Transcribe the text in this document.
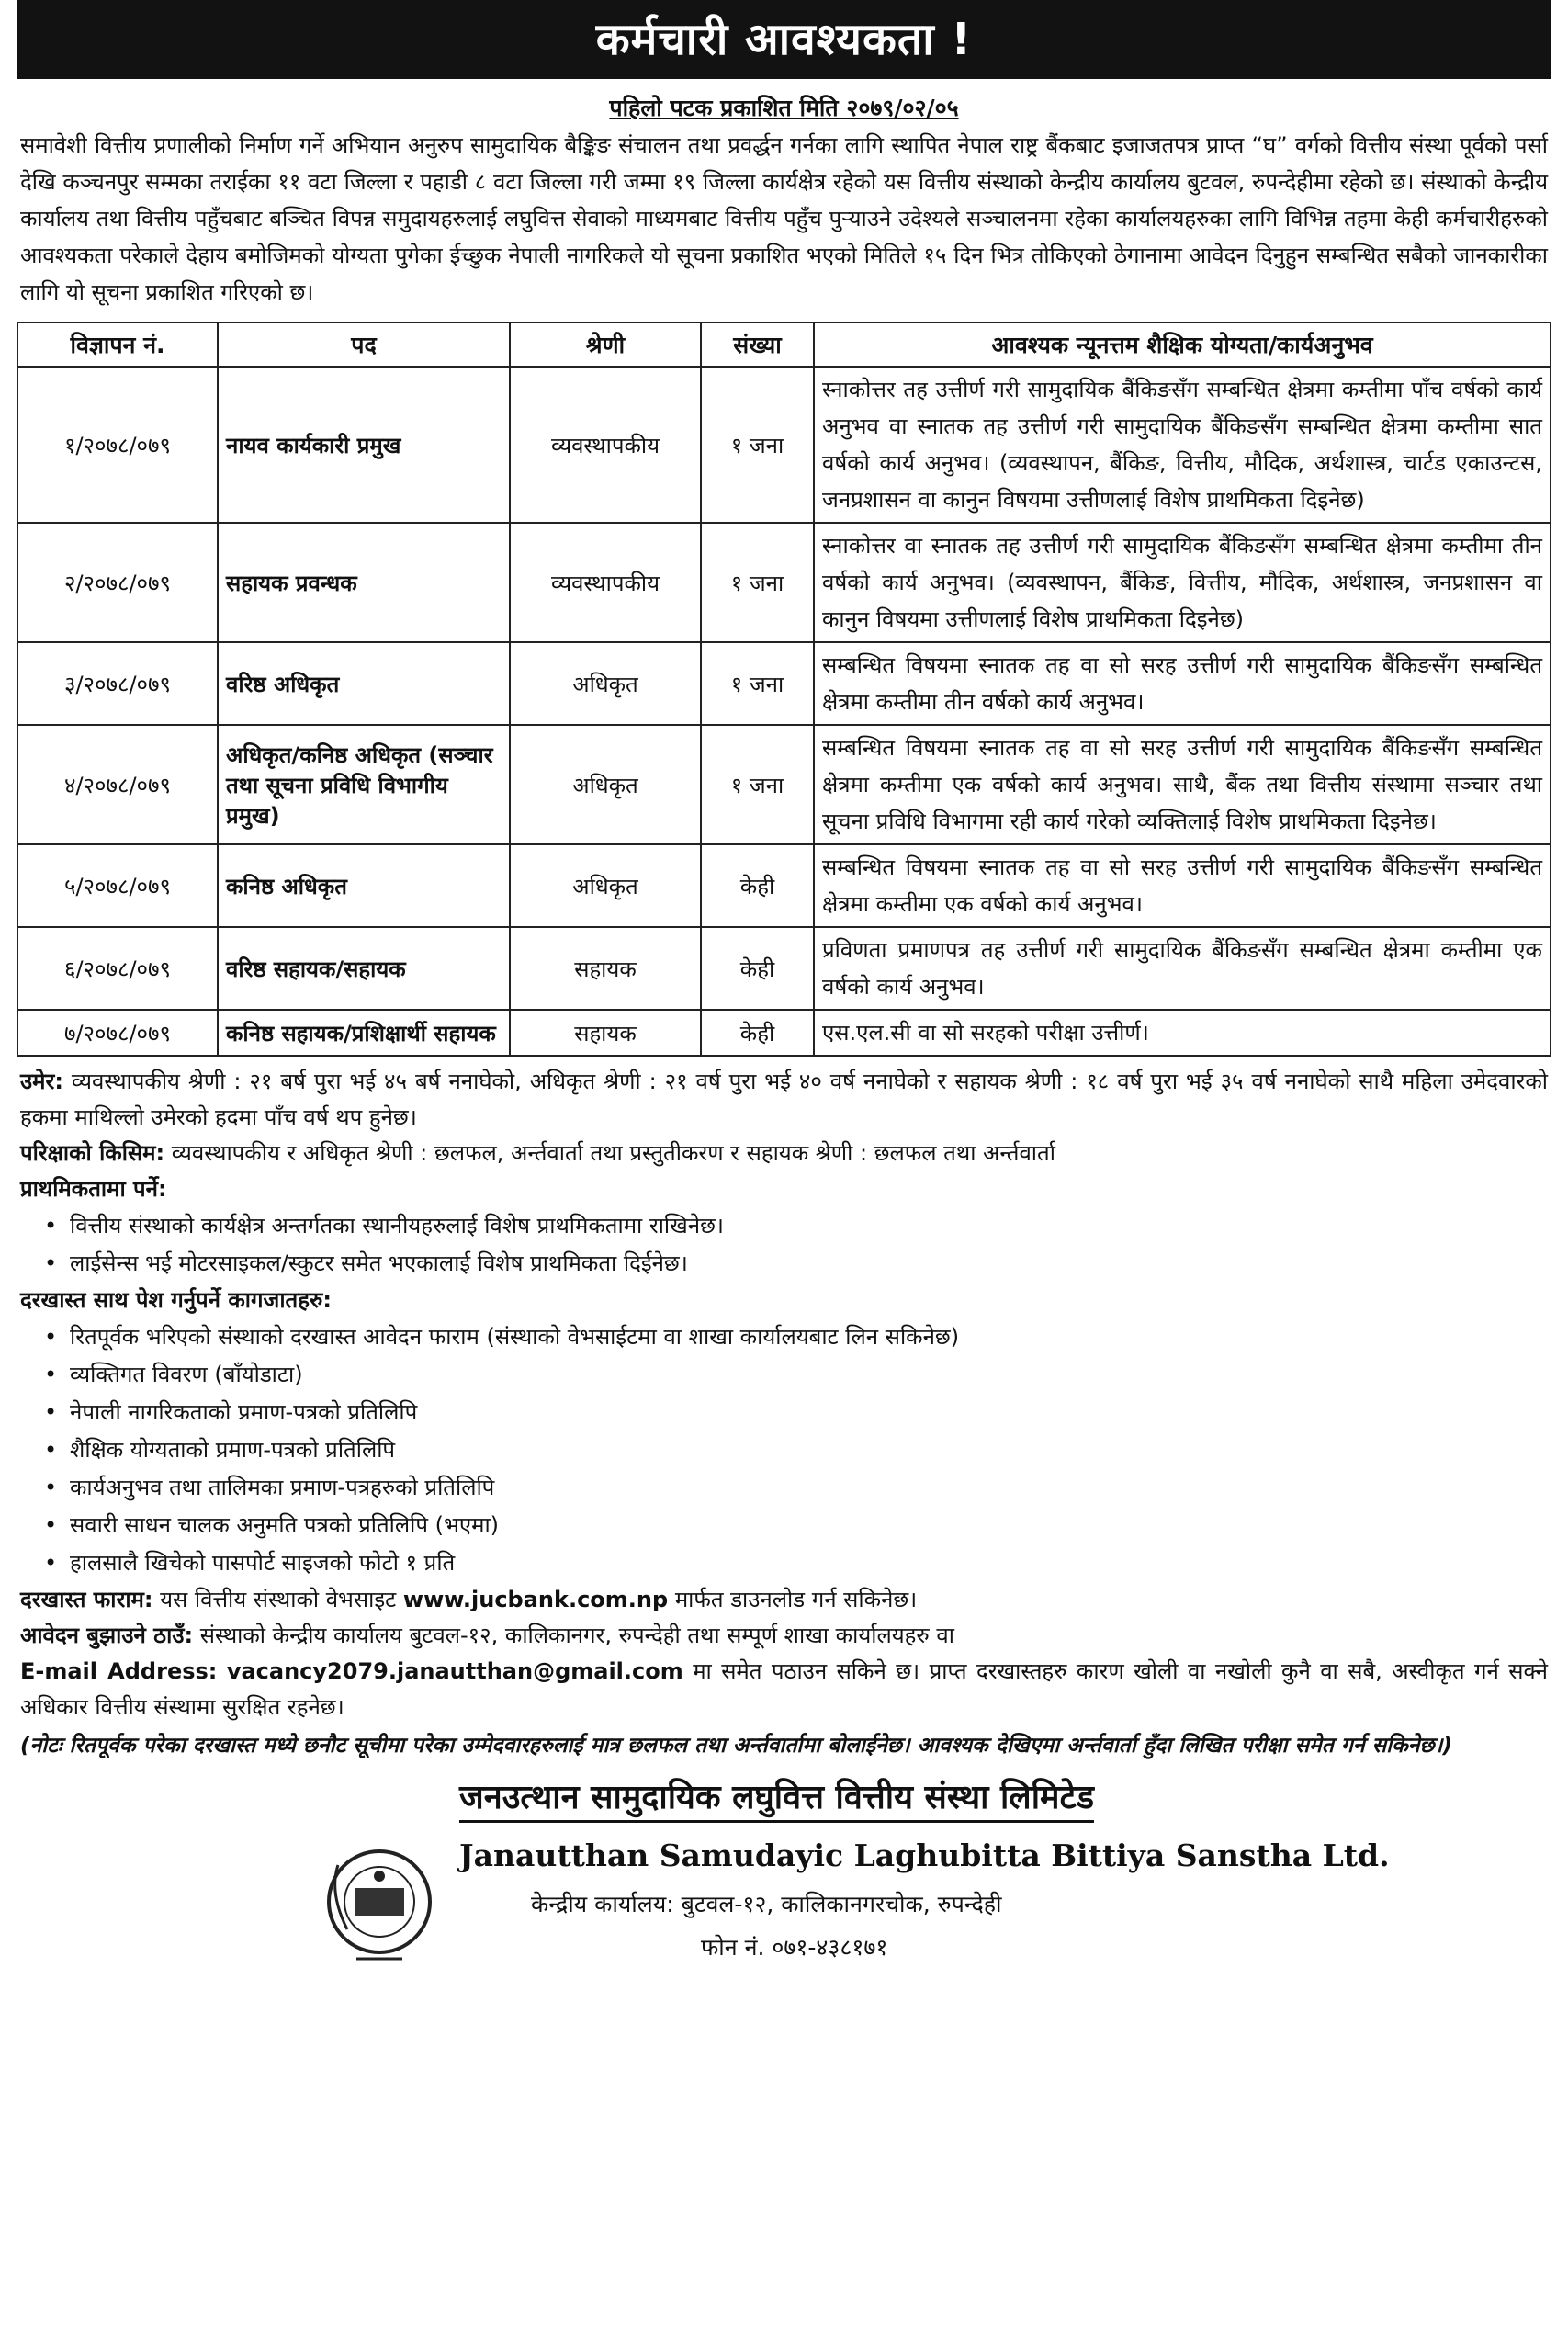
कर्मचारी आवश्यकता !
पहिलो पटक प्रकाशित मिति २०७९/०२/०५
समावेशी वित्तीय प्रणालीको निर्माण गर्ने अभियान अनुरुप सामुदायिक बैङ्किङ संचालन तथा प्रवर्द्धन गर्नका लागि स्थापित नेपाल राष्ट्र बैंकबाट इजाजतपत्र प्राप्त “घ” वर्गको वित्तीय संस्था पूर्वको पर्सा देखि कञ्चनपुर सम्मका तराईका ११ वटा जिल्ला र पहाडी ८ वटा जिल्ला गरी जम्मा १९ जिल्ला कार्यक्षेत्र रहेको यस वित्तीय संस्थाको केन्द्रीय कार्यालय बुटवल, रुपन्देहीमा रहेको छ। संस्थाको केन्द्रीय कार्यालय तथा वित्तीय पहुँचबाट बञ्चित विपन्न समुदायहरुलाई लघुवित्त सेवाको माध्यमबाट वित्तीय पहुँच पुऱ्याउने उदेश्यले सञ्चालनमा रहेका कार्यालयहरुका लागि विभिन्न तहमा केही कर्मचारीहरुको आवश्यकता परेकाले देहाय बमोजिमको योग्यता पुगेका ईच्छुक नेपाली नागरिकले यो सूचना प्रकाशित भएको मितिले १५ दिन भित्र तोकिएको ठेगानामा आवेदन दिनुहुन सम्बन्धित सबैको जानकारीका लागि यो सूचना प्रकाशित गरिएको छ।
विज्ञापन नं.	पद	श्रेणी	संख्या	आवश्यक न्यूनत्तम शैक्षिक योग्यता/कार्यअनुभव
१/२०७८/०७९	नायव कार्यकारी प्रमुख	व्यवस्थापकीय	१ जना	स्नाकोत्तर तह उत्तीर्ण गरी सामुदायिक बैंकिङसँग सम्बन्धित क्षेत्रमा कम्तीमा पाँच वर्षको कार्य अनुभव वा स्नातक तह उत्तीर्ण गरी सामुदायिक बैंकिङसँग सम्बन्धित क्षेत्रमा कम्तीमा सात वर्षको कार्य अनुभव। (व्यवस्थापन, बैंकिङ, वित्तीय, मौदिक, अर्थशास्त्र, चार्टड एकाउन्टस, जनप्रशासन वा कानुन विषयमा उत्तीणलाई विशेष प्राथमिकता दिइनेछ)
२/२०७८/०७९	सहायक प्रवन्धक	व्यवस्थापकीय	१ जना	स्नाकोत्तर वा स्नातक तह उत्तीर्ण गरी सामुदायिक बैंकिङसँग सम्बन्धित क्षेत्रमा कम्तीमा तीन वर्षको कार्य अनुभव। (व्यवस्थापन, बैंकिङ, वित्तीय, मौदिक, अर्थशास्त्र, जनप्रशासन वा कानुन विषयमा उत्तीणलाई विशेष प्राथमिकता दिइनेछ)
३/२०७८/०७९	वरिष्ठ अधिकृत	अधिकृत	१ जना	सम्बन्धित विषयमा स्नातक तह वा सो सरह उत्तीर्ण गरी सामुदायिक बैंकिङसँग सम्बन्धित क्षेत्रमा कम्तीमा तीन वर्षको कार्य अनुभव।
४/२०७८/०७९	अधिकृत/कनिष्ठ अधिकृत (सञ्चार तथा सूचना प्रविधि विभागीय प्रमुख)	अधिकृत	१ जना	सम्बन्धित विषयमा स्नातक तह वा सो सरह उत्तीर्ण गरी सामुदायिक बैंकिङसँग सम्बन्धित क्षेत्रमा कम्तीमा एक वर्षको कार्य अनुभव। साथै, बैंक तथा वित्तीय संस्थामा सञ्चार तथा सूचना प्रविधि विभागमा रही कार्य गरेको व्यक्तिलाई विशेष प्राथमिकता दिइनेछ।
५/२०७८/०७९	कनिष्ठ अधिकृत	अधिकृत	केही	सम्बन्धित विषयमा स्नातक तह वा सो सरह उत्तीर्ण गरी सामुदायिक बैंकिङसँग सम्बन्धित क्षेत्रमा कम्तीमा एक वर्षको कार्य अनुभव।
६/२०७८/०७९	वरिष्ठ सहायक/सहायक	सहायक	केही	प्रविणता प्रमाणपत्र तह उत्तीर्ण गरी सामुदायिक बैंकिङसँग सम्बन्धित क्षेत्रमा कम्तीमा एक वर्षको कार्य अनुभव।
७/२०७८/०७९	कनिष्ठ सहायक/प्रशिक्षार्थी सहायक	सहायक	केही	एस.एल.सी वा सो सरहको परीक्षा उत्तीर्ण।
उमेर: व्यवस्थापकीय श्रेणी : २१ बर्ष पुरा भई ४५ बर्ष ननाघेको, अधिकृत श्रेणी : २१ वर्ष पुरा भई ४० वर्ष ननाघेको र सहायक श्रेणी : १८ वर्ष पुरा भई ३५ वर्ष ननाघेको साथै महिला उमेदवारको हकमा माथिल्लो उमेरको हदमा पाँच वर्ष थप हुनेछ।
परिक्षाको किसिम: व्यवस्थापकीय र अधिकृत श्रेणी : छलफल, अर्न्तवार्ता तथा प्रस्तुतीकरण र सहायक श्रेणी : छलफल तथा अर्न्तवार्ता
प्राथमिकतामा पर्ने:
• वित्तीय संस्थाको कार्यक्षेत्र अन्तर्गतका स्थानीयहरुलाई विशेष प्राथमिकतामा राखिनेछ।
• लाईसेन्स भई मोटरसाइकल/स्कुटर समेत भएकालाई विशेष प्राथमिकता दिईनेछ।
दरखास्त साथ पेश गर्नुपर्ने कागजातहरु:
• रितपूर्वक भरिएको संस्थाको दरखास्त आवेदन फाराम (संस्थाको वेभसाईटमा वा शाखा कार्यालयबाट लिन सकिनेछ)
• व्यक्तिगत विवरण (बाँयोडाटा)
• नेपाली नागरिकताको प्रमाण-पत्रको प्रतिलिपि
• शैक्षिक योग्यताको प्रमाण-पत्रको प्रतिलिपि
• कार्यअनुभव तथा तालिमका प्रमाण-पत्रहरुको प्रतिलिपि
• सवारी साधन चालक अनुमति पत्रको प्रतिलिपि (भएमा)
• हालसालै खिचेको पासपोर्ट साइजको फोटो १ प्रति
दरखास्त फाराम: यस वित्तीय संस्थाको वेभसाइट www.jucbank.com.np मार्फत डाउनलोड गर्न सकिनेछ।
आवेदन बुझाउने ठाउँ: संस्थाको केन्द्रीय कार्यालय बुटवल-१२, कालिकानगर, रुपन्देही तथा सम्पूर्ण शाखा कार्यालयहरु वा
E-mail Address: vacancy2079.janautthan@gmail.com मा समेत पठाउन सकिने छ। प्राप्त दरखास्तहरु कारण खोली वा नखोली कुनै वा सबै, अस्वीकृत गर्न सक्ने अधिकार वित्तीय संस्थामा सुरक्षित रहनेछ।
(नोटः रितपूर्वक परेका दरखास्त मध्ये छनौट सूचीमा परेका उम्मेदवारहरुलाई मात्र छलफल तथा अर्न्तवार्तामा बोलाईनेछ। आवश्यक देखिएमा अर्न्तवार्ता हुँदा लिखित परीक्षा समेत गर्न सकिनेछ।)
जनउत्थान सामुदायिक लघुवित्त वित्तीय संस्था लिमिटेड
Janautthan Samudayic Laghubitta Bittiya Sanstha Ltd.
केन्द्रीय कार्यालय: बुटवल-१२, कालिकानगरचोक, रुपन्देही
फोन नं. ०७१-४३८१७१
